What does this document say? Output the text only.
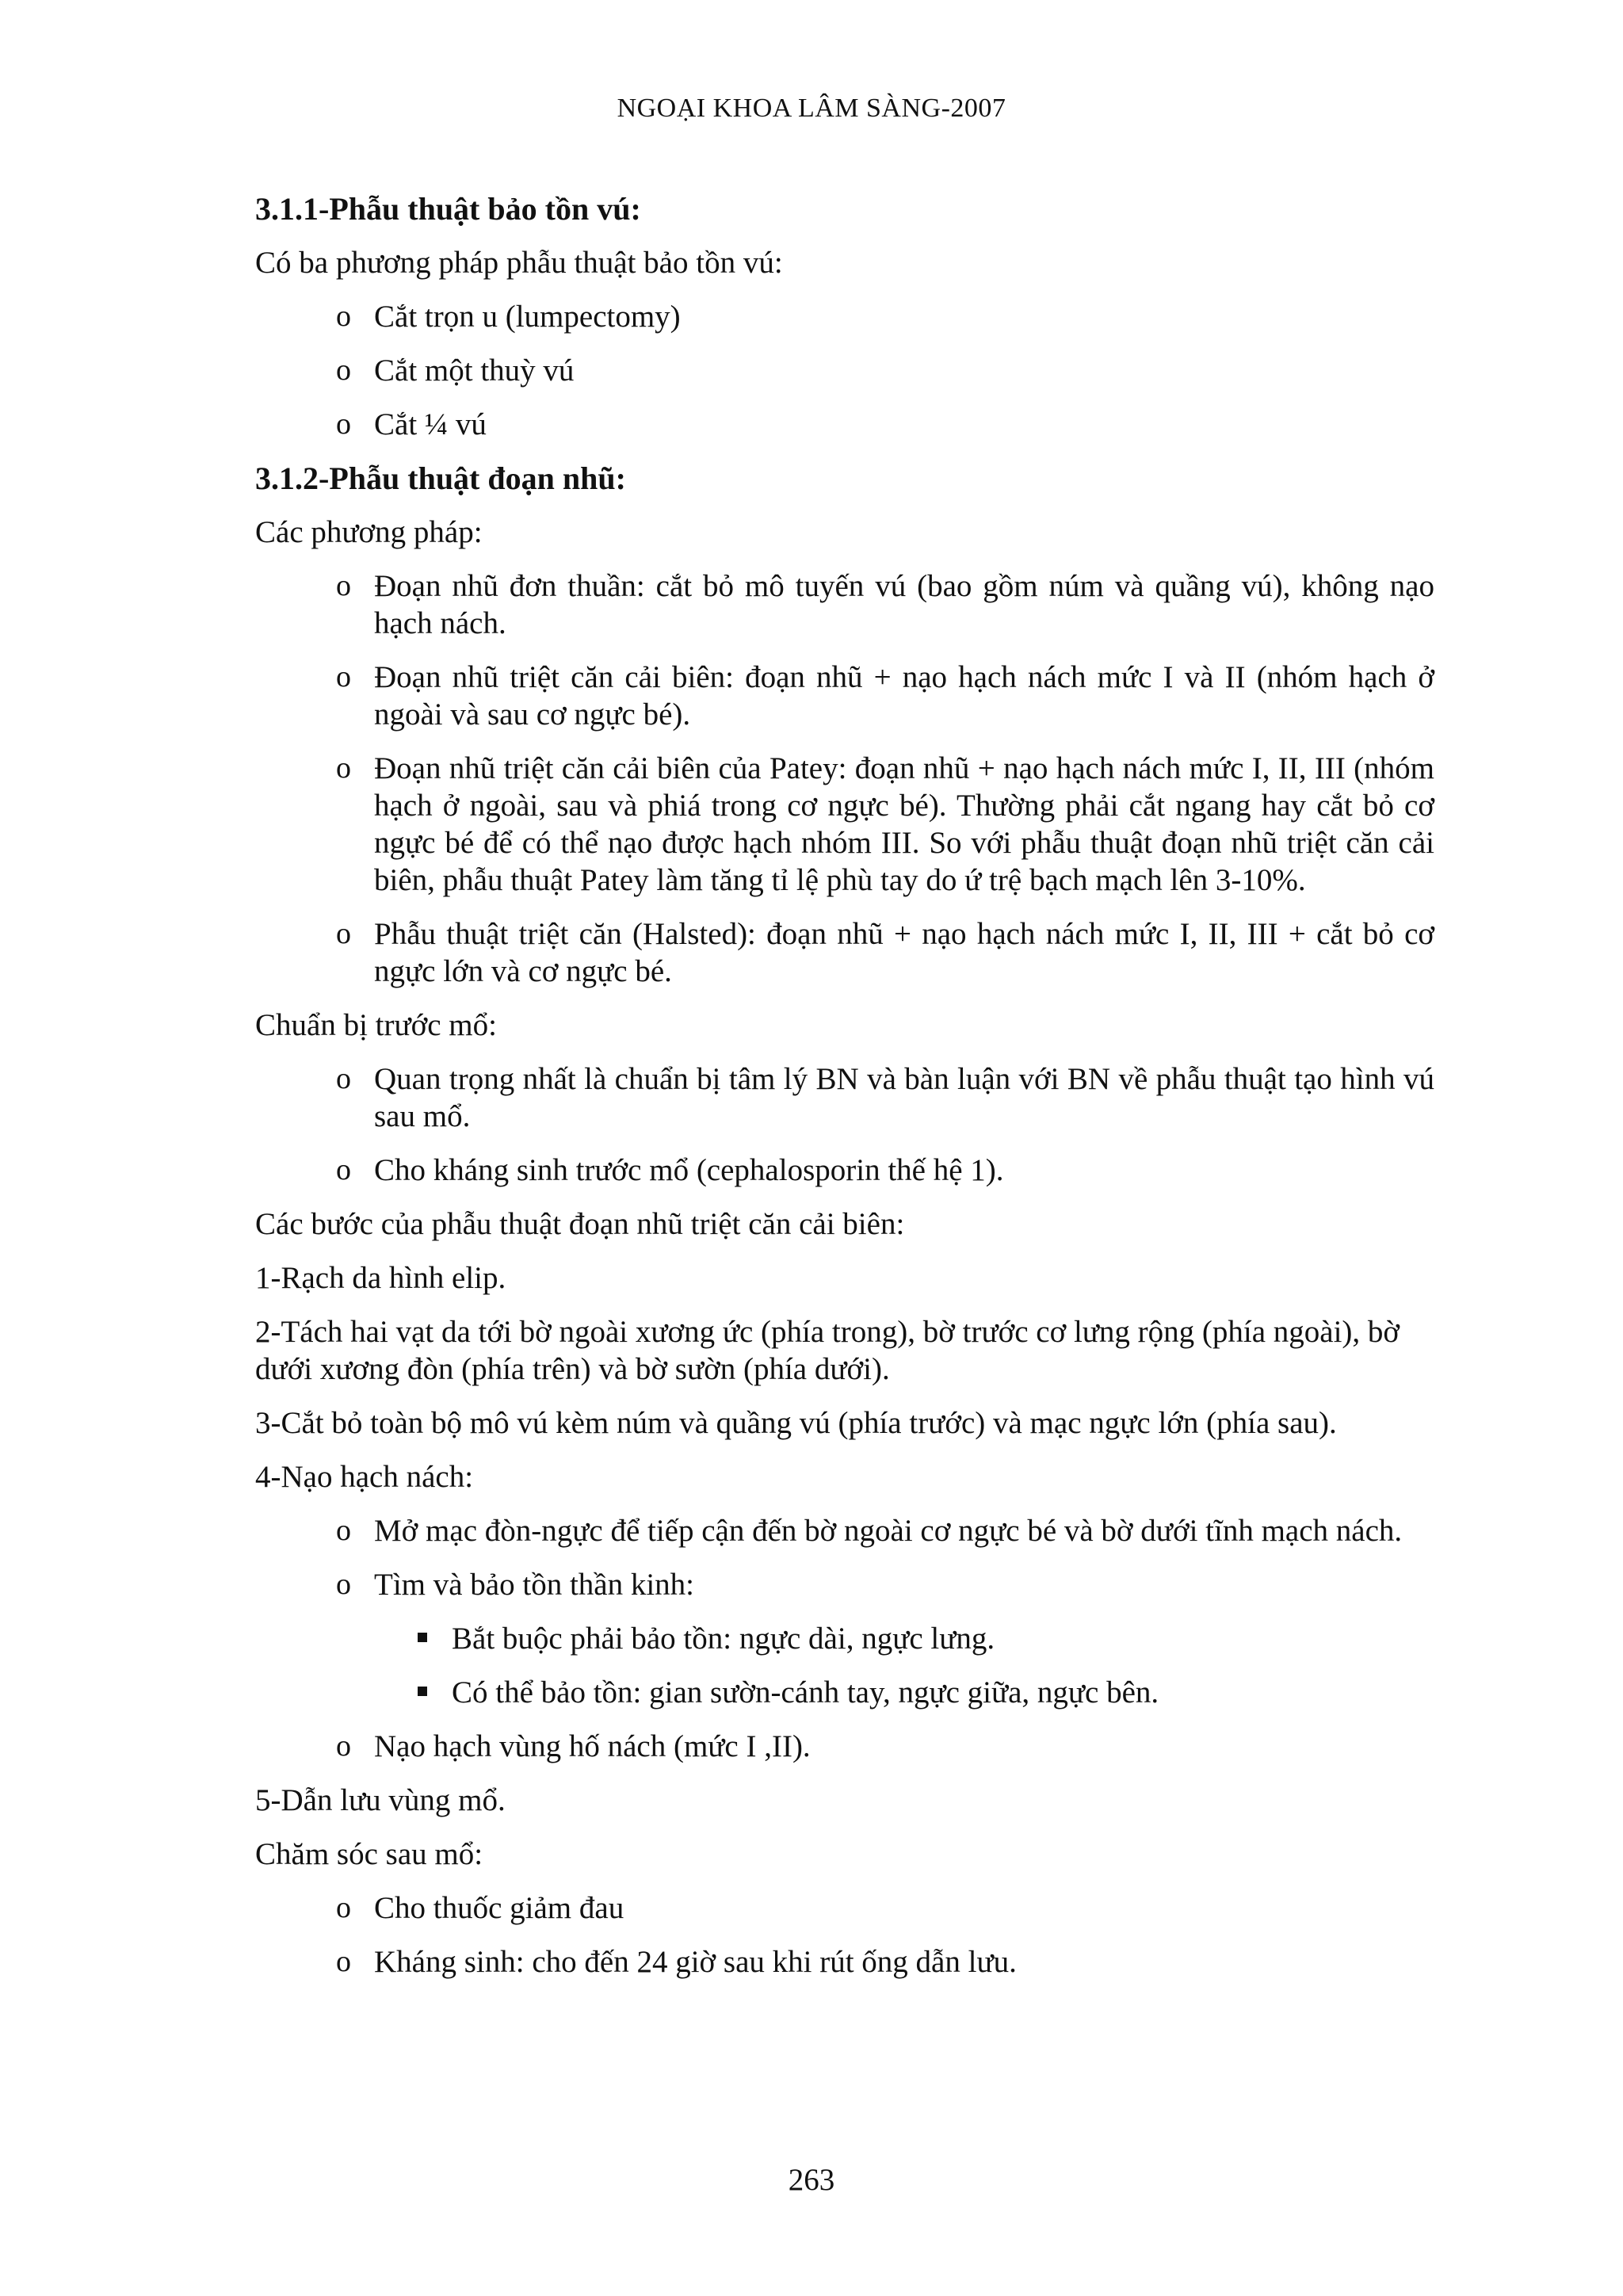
NGOẠI KHOA LÂM SÀNG-2007
3.1.1-Phẫu thuật bảo tồn vú:
Có ba phương pháp phẫu thuật bảo tồn vú:
o Cắt trọn u (lumpectomy)
o Cắt một thuỳ vú
o Cắt ¼ vú
3.1.2-Phẫu thuật đoạn nhũ:
Các phương pháp:
o Đoạn nhũ đơn thuần: cắt bỏ mô tuyến vú (bao gồm núm và quầng vú), không nạo hạch nách.
o Đoạn nhũ triệt căn cải biên: đoạn nhũ + nạo hạch nách mức I và II (nhóm hạch ở ngoài và sau cơ ngực bé).
o Đoạn nhũ triệt căn cải biên của Patey: đoạn nhũ + nạo hạch nách mức I, II, III (nhóm hạch ở ngoài, sau và phiá trong cơ ngực bé). Thường phải cắt ngang hay cắt bỏ cơ ngực bé để có thể nạo được hạch nhóm III. So với phẫu thuật đoạn nhũ triệt căn cải biên, phẫu thuật Patey làm tăng tỉ lệ phù tay do ứ trệ bạch mạch lên 3-10%.
o Phẫu thuật triệt căn (Halsted): đoạn nhũ + nạo hạch nách mức I, II, III + cắt bỏ cơ ngực lớn và cơ ngực bé.
Chuẩn bị trước mổ:
o Quan trọng nhất là chuẩn bị tâm lý BN và bàn luận với BN về phẫu thuật tạo hình vú sau mổ.
o Cho kháng sinh trước mổ (cephalosporin thế hệ 1).
Các bước của phẫu thuật đoạn nhũ triệt căn cải biên:
1-Rạch da hình elip.
2-Tách hai vạt da tới bờ ngoài xương ức (phía trong), bờ trước cơ lưng rộng (phía ngoài), bờ dưới xương đòn (phía trên) và bờ sườn (phía dưới).
3-Cắt bỏ toàn bộ mô vú kèm núm và quầng vú (phía trước) và mạc ngực lớn (phía sau).
4-Nạo hạch nách:
o Mở mạc đòn-ngực để tiếp cận đến bờ ngoài cơ ngực bé và bờ dưới tĩnh mạch nách.
o Tìm và bảo tồn thần kinh:
Bắt buộc phải bảo tồn: ngực dài, ngực lưng.
Có thể bảo tồn: gian sườn-cánh tay, ngực giữa, ngực bên.
o Nạo hạch vùng hố nách (mức I ,II).
5-Dẫn lưu vùng mổ.
Chăm sóc sau mổ:
o Cho thuốc giảm đau
o Kháng sinh: cho đến 24 giờ sau khi rút ống dẫn lưu.
263
